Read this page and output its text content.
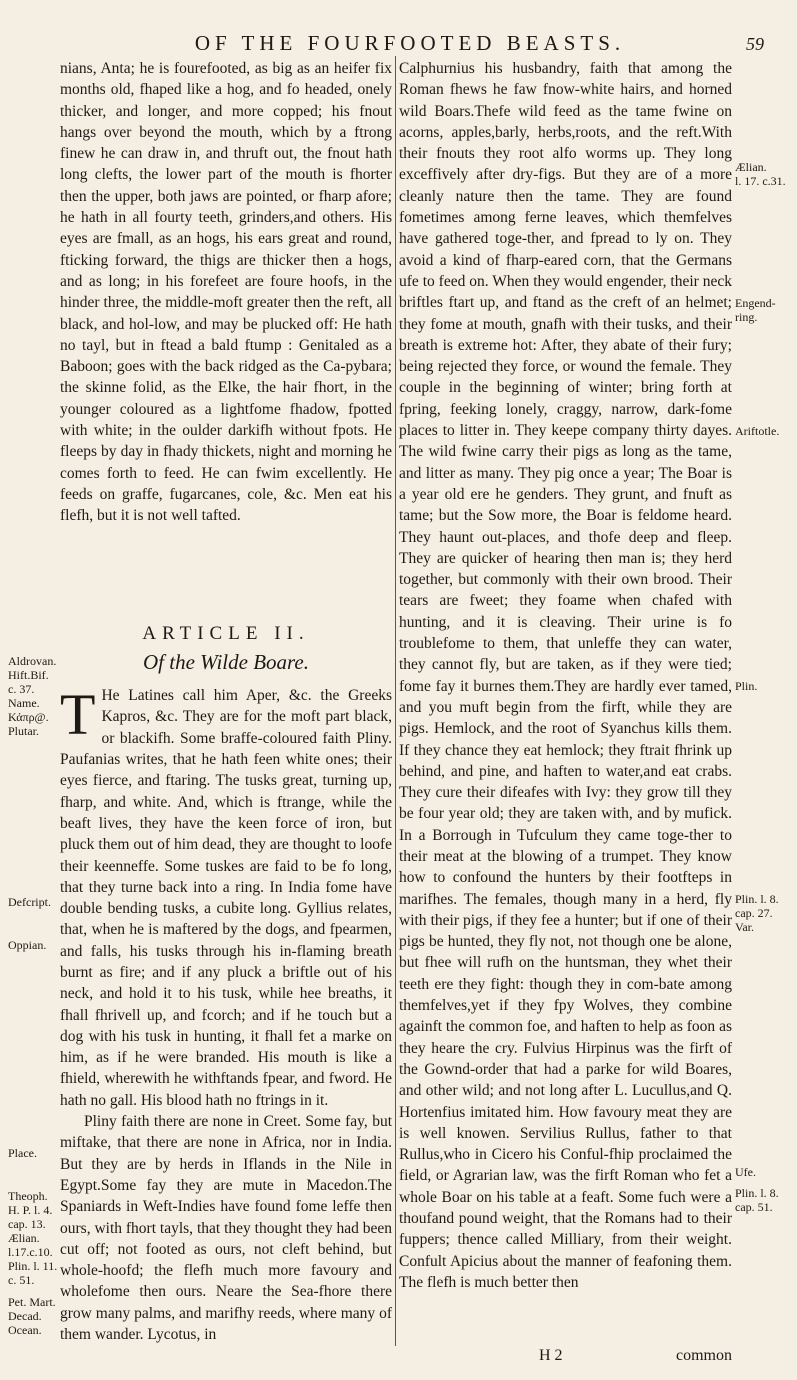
OF THE FOURFOOTED BEASTS.	59

nians, Anta; he is fourefooted, as big as an heifer fix months old, fhaped like a hog, and fo headed, onely thicker, and longer, and more copped; his fnout hangs over beyond the mouth, which by a ftrong finew he can draw in, and thruft out, the fnout hath long clefts, the lower part of the mouth is fhorter then the upper, both jaws are pointed, or fharp afore; he hath in all fourty teeth, grinders,and others. His eyes are fmall, as an hogs, his ears great and round, fticking forward, the thigs are thicker then a hogs, and as long; in his forefeet are foure hoofs, in the hinder three, the middle-moft greater then the reft, all black, and hol-low, and may be plucked off: He hath no tayl, but in ftead a bald ftump : Genitaled as a Baboon; goes with the back ridged as the Ca-pybara; the skinne folid, as the Elke, the hair fhort, in the younger coloured as a lightfome fhadow, fpotted with white; in the oulder darkifh without fpots. He fleeps by day in fhady thickets, night and morning he comes forth to feed. He can fwim excellently. He feeds on graffe, fugarcanes, cole, &c. Men eat his flefh, but it is not well tafted.

ARTICLE II.
Of the Wilde Boare.

T He Latines call him Aper, &c. the Greeks Kapros, &c. They are for the moft part black, or blackifh. Some braffe-coloured faith Pliny. Paufanias writes, that he hath feen white ones; their eyes fierce, and ftaring. The tusks great, turning up, fharp, and white. And, which is ftrange, while the beaft lives, they have the keen force of iron, but pluck them out of him dead, they are thought to loofe their keenneffe. Some tuskes are faid to be fo long, that they turne back into a ring. In India fome have double bending tusks, a cubite long. Gyllius relates, that, when he is maftered by the dogs, and fpearmen, and falls, his tusks through his in-flaming breath burnt as fire; and if any pluck a briftle out of his neck, and hold it to his tusk, while hee breaths, it fhall fhrivell up, and fcorch; and if he touch but a dog with his tusk in hunting, it fhall fet a marke on him, as if he were branded. His mouth is like a fhield, wherewith he withftands fpear, and fword. He hath no gall. His blood hath no ftrings in it.

Pliny faith there are none in Creet. Some fay, but miftake, that there are none in Africa, nor in India. But they are by herds in Iflands in the Nile in Egypt.Some fay they are mute in Macedon.The Spaniards in Weft-Indies have found fome leffe then ours, with fhort tayls, that they thought they had been cut off; not footed as ours, not cleft behind, but whole-hoofd; the flefh much more favoury and wholefome then ours. Neare the Sea-fhore there grow many palms, and marifhy reeds, where many of them wander. Lycotus, in

Calphurnius his husbandry, faith that among the Roman fhews he faw fnow-white hairs, and horned wild Boars.Thefe wild feed as the tame fwine on acorns, apples,barly, herbs,roots, and the reft.With their fnouts they root alfo worms up. They long exceffively after dry-figs. But they are of a more cleanly nature then the tame. They are found fometimes among ferne leaves, which themfelves have gathered toge-ther, and fpread to ly on. They avoid a kind of fharp-eared corn, that the Germans ufe to feed on. When they would engender, their neck briftles ftart up, and ftand as the creft of an helmet; they fome at mouth, gnafh with their tusks, and their breath is extreme hot: After, they abate of their fury; being rejected they force, or wound the female. They couple in the beginning of winter; bring forth at fpring, feeking lonely, craggy, narrow, dark-fome places to litter in. They keepe company thirty dayes. The wild fwine carry their pigs as long as the tame, and litter as many. They pig once a year; The Boar is a year old ere he genders. They grunt, and fnuft as tame; but the Sow more, the Boar is feldome heard. They haunt out-places, and thofe deep and fleep. They are quicker of hearing then man is; they herd together, but commonly with their own brood. Their tears are fweet; they foame when chafed with hunting, and it is cleaving. Their urine is fo troublefome to them, that unleffe they can water, they cannot fly, but are taken, as if they were tied; fome fay it burnes them.They are hardly ever tamed, and you muft begin from the firft, while they are pigs. Hemlock, and the root of Syanchus kills them. If they chance they eat hemlock; they ftrait fhrink up behind, and pine, and haften to water,and eat crabs. They cure their difeafes with Ivy: they grow till they be four year old; they are taken with, and by mufick. In a Borrough in Tufculum they came toge-ther to their meat at the blowing of a trumpet. They know how to confound the hunters by their footfteps in marifhes. The females, though many in a herd, fly with their pigs, if they fee a hunter; but if one of their pigs be hunted, they fly not, not though one be alone, but fhee will rufh on the huntsman, they whet their teeth ere they fight: though they in com-bate among themfelves,yet if they fpy Wolves, they combine againft the common foe, and haften to help as foon as they heare the cry. Fulvius Hirpinus was the firft of the Gownd-order that had a parke for wild Boares, and other wild; and not long after L. Lucullus,and Q. Hortenfius imitated him. How favoury meat they are is well knowen. Servilius Rullus, father to that Rullus,who in Cicero his Conful-fhip proclaimed the field, or Agrarian law, was the firft Roman who fet a whole Boar on his table at a feaft. Some fuch were a thoufand pound weight, that the Romans had to their fuppers; thence called Milliary, from their weight. Confult Apicius about the manner of feafoning them. The flefh is much better then

Aldrovan.
Hift.Bif.
c. 37.
Name.
Κάπρ@.
Plutar.
Defcript.
Oppian.
Place.
Theoph.
H. P. l. 4.
cap. 13.
Ælian.
l.17.c.10.
Plin. l. 11.
c. 51.
Pet. Mart.
Decad.
Ocean.
Ælian.
l. 17. c.31.
Engend-
ring.
Ariftotle.
Plin.
Plin. l. 8.
cap. 27.
Var.
Ufe.
Plin. l. 8.
cap. 51.
H 2	common
